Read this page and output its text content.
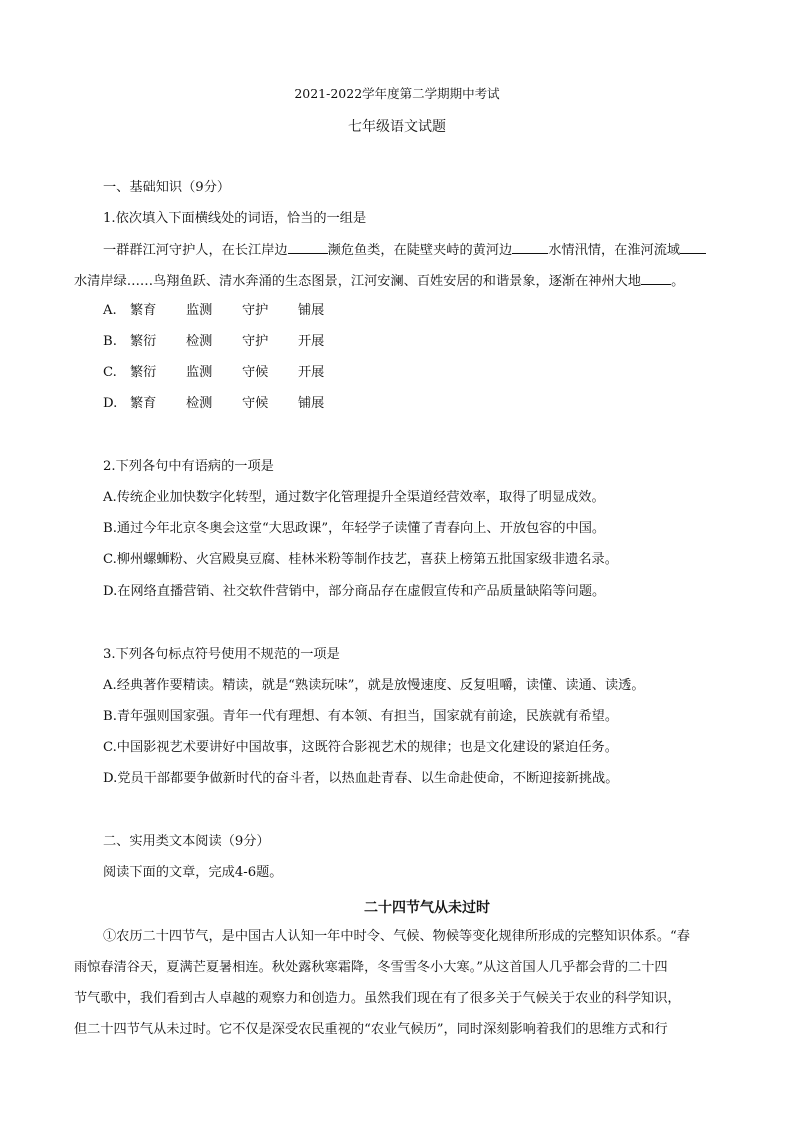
2021-2022学年度第二学期期中考试
七年级语文试题
一、基础知识（9分）
1.依次填入下面横线处的词语，恰当的一组是
一群群江河守护人，在长江岸边	濒危鱼类，在陡壁夹峙的黄河边	水情汛情，在淮河流域
水清岸绿……鸟翔鱼跃、清水奔涌的生态图景，江河安澜、百姓安居的和谐景象，逐渐在神州大地 。
A. 繁育 监测 守护 铺展
B. 繁衍 检测 守护 开展
C. 繁衍 监测 守候 开展
D. 繁育 检测 守候 铺展
2.下列各句中有语病的一项是
A.传统企业加快数字化转型，通过数字化管理提升全渠道经营效率，取得了明显成效。
B.通过今年北京冬奥会这堂“大思政课”，年轻学子读懂了青春向上、开放包容的中国。
C.柳州螺蛳粉、火宫殿臭豆腐、桂林米粉等制作技艺，喜获上榜第五批国家级非遗名录。
D.在网络直播营销、社交软件营销中，部分商品存在虚假宣传和产品质量缺陷等问题。
3.下列各句标点符号使用不规范的一项是
A.经典著作要精读。精读，就是“熟读玩味”，就是放慢速度、反复咀嚼，读懂、读通、读透。
B.青年强则国家强。青年一代有理想、有本领、有担当，国家就有前途，民族就有希望。
C.中国影视艺术要讲好中国故事，这既符合影视艺术的规律；也是文化建设的紧迫任务。
D.党员干部都要争做新时代的奋斗者，以热血赴青春、以生命赴使命，不断迎接新挑战。
二、实用类文本阅读（9分）
阅读下面的文章，完成4-6题。
二十四节气从未过时
①农历二十四节气，是中国古人认知一年中时令、气候、物候等变化规律所形成的完整知识体系。“春
雨惊春清谷天，夏满芒夏暑相连。秋处露秋寒霜降，冬雪雪冬小大寒。”从这首国人几乎都会背的二十四
节气歌中，我们看到古人卓越的观察力和创造力。虽然我们现在有了很多关于气候关于农业的科学知识，
但二十四节气从未过时。它不仅是深受农民重视的“农业气候历”，同时深刻影响着我们的思维方式和行
